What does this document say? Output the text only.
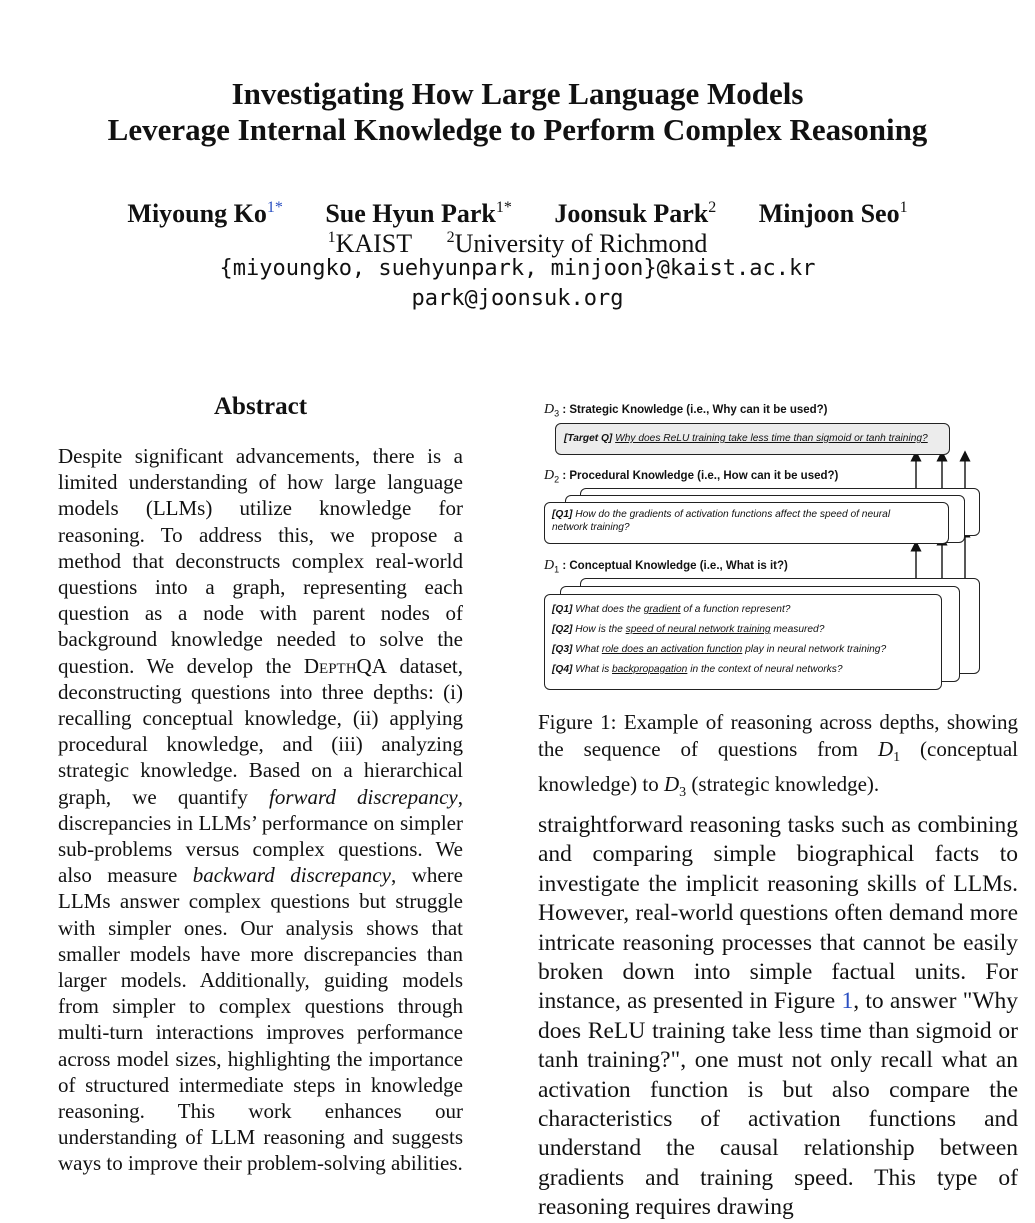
Investigating How Large Language Models
Leverage Internal Knowledge to Perform Complex Reasoning
Miyoung $Ko^{1*}$ Sue Hyun Park$^{1*}$ Joonsuk Park$^2$ Minjoon Seo$^1$
$^1$KAIST $^2$University of Richmond
{miyoungko, suehyunpark, minjoon}@kaist.ac.kr
park@joonsuk.org
Abstract
Despite significant advancements, there is a limited understanding of how large language models (LLMs) utilize knowledge for reasoning. To address this, we propose a method that deconstructs complex real-world questions into a graph, representing each question as a node with parent nodes of background knowledge needed to solve the question. We develop the DepthQA dataset, deconstructing questions into three depths: (i) recalling conceptual knowledge, (ii) applying procedural knowledge, and (iii) analyzing strategic knowledge. Based on a hierarchical graph, we quantify forward discrepancy, discrepancies in LLMs’ performance on simpler sub-problems versus complex questions. We also measure backward discrepancy, where LLMs answer complex questions but struggle with simpler ones. Our analysis shows that smaller models have more discrepancies than larger models. Additionally, guiding models from simpler to complex questions through multi-turn interactions improves performance across model sizes, highlighting the importance of structured intermediate steps in knowledge reasoning. This work enhances our understanding of LLM reasoning and suggests ways to improve their problem-solving abilities.
$D_3$ : Strategic Knowledge (i.e., Why can it be used?)
[Target Q] Why does ReLU training take less time than sigmoid or tanh training?
$D_2$ : Procedural Knowledge (i.e., How can it be used?)
[Q1] How do the gradients of activation functions affect the speed of neural
network training?
$D_1$ : Conceptual Knowledge (i.e., What is it?)
[Q1] What does the gradient of a function represent?
[Q2] How is the speed of neural network training measured?
[Q3] What role does an activation function play in neural network training?
[Q4] What is backpropagation in the context of neural networks?
Figure 1: Example of reasoning across depths, showing the sequence of questions from $D_1$ (conceptual knowledge) to $D_3$ (strategic knowledge).
straightforward reasoning tasks such as combining and comparing simple biographical facts to investigate the implicit reasoning skills of LLMs. However, real-world questions often demand more intricate reasoning processes that cannot be easily broken down into simple factual units. For instance, as presented in Figure 1, to answer "Why does ReLU training take less time than sigmoid or tanh training?", one must not only recall what an activation function is but also compare the characteristics of activation functions and understand the causal relationship between gradients and training speed. This type of reasoning requires drawing
